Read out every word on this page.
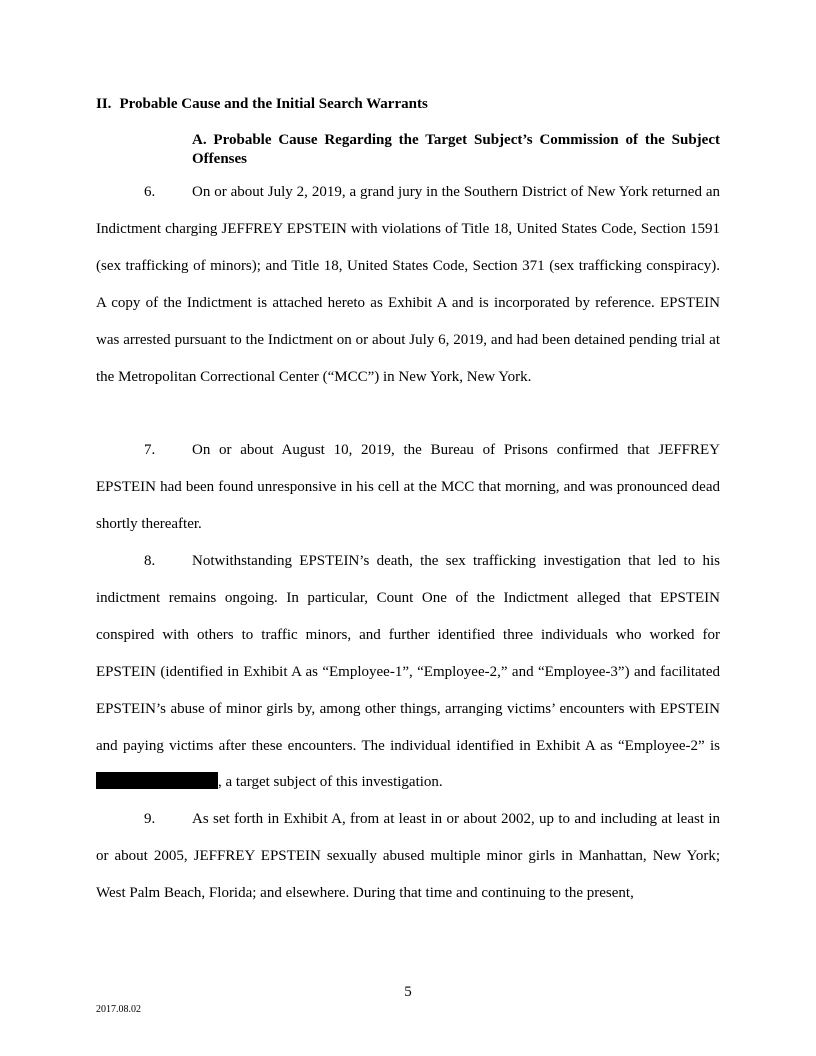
II. Probable Cause and the Initial Search Warrants
A. Probable Cause Regarding the Target Subject’s Commission of the Subject Offenses

6. On or about July 2, 2019, a grand jury in the Southern District of New York returned an Indictment charging JEFFREY EPSTEIN with violations of Title 18, United States Code, Section 1591 (sex trafficking of minors); and Title 18, United States Code, Section 371 (sex trafficking conspiracy). A copy of the Indictment is attached hereto as Exhibit A and is incorporated by reference. EPSTEIN was arrested pursuant to the Indictment on or about July 6, 2019, and had been detained pending trial at the Metropolitan Correctional Center (“MCC”) in New York, New York.

7. On or about August 10, 2019, the Bureau of Prisons confirmed that JEFFREY EPSTEIN had been found unresponsive in his cell at the MCC that morning, and was pronounced dead shortly thereafter.

8. Notwithstanding EPSTEIN’s death, the sex trafficking investigation that led to his indictment remains ongoing. In particular, Count One of the Indictment alleged that EPSTEIN conspired with others to traffic minors, and further identified three individuals who worked for EPSTEIN (identified in Exhibit A as “Employee-1”, “Employee-2,” and “Employee-3”) and facilitated EPSTEIN’s abuse of minor girls by, among other things, arranging victims’ encounters with EPSTEIN and paying victims after these encounters. The individual identified in Exhibit A as “Employee-2” is , a target subject of this investigation.

9. As set forth in Exhibit A, from at least in or about 2002, up to and including at least in or about 2005, JEFFREY EPSTEIN sexually abused multiple minor girls in Manhattan, New York; West Palm Beach, Florida; and elsewhere. During that time and continuing to the present,

5
2017.08.02
